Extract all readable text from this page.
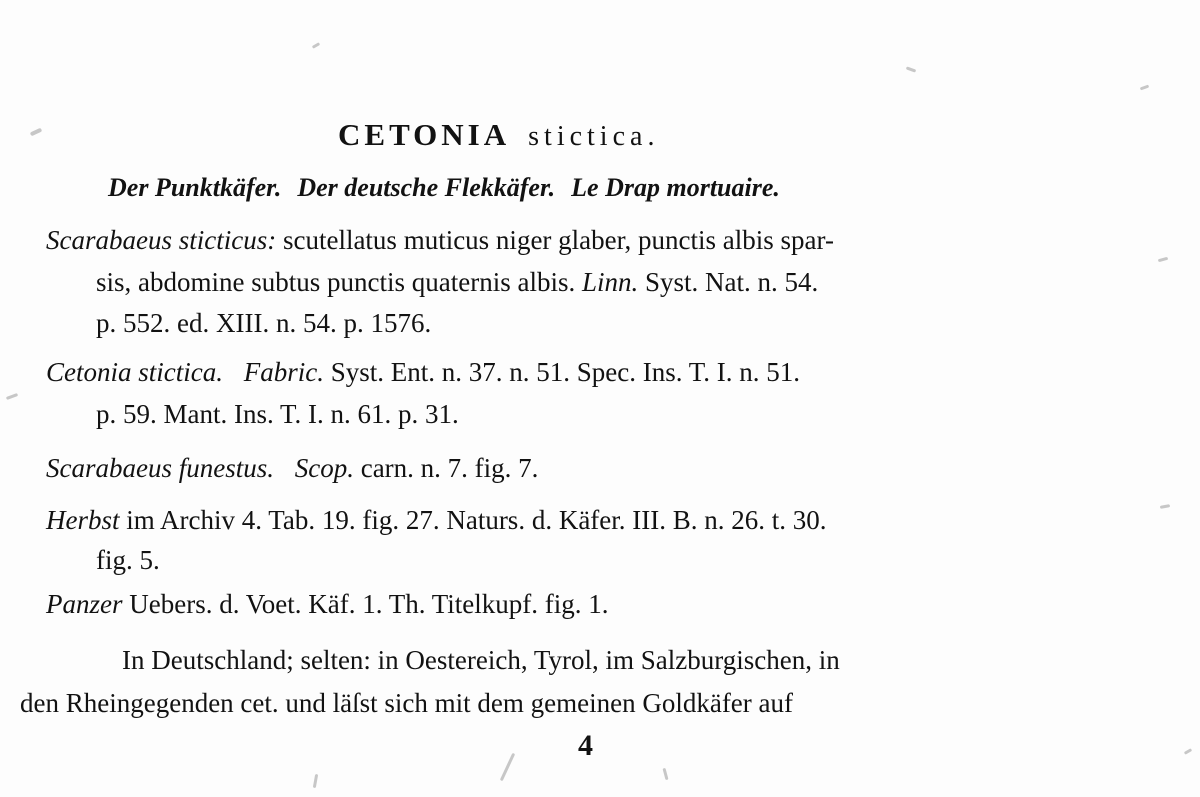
CETONIA stictica.
Der Punktkäfer. Der deutsche Flekkäfer. Le Drap mortuaire.
Scarabaeus sticticus: scutellatus muticus niger glaber, punctis albis spar-
sis, abdomine subtus punctis quaternis albis. Linn. Syst. Nat. n. 54.
p. 552. ed. XIII. n. 54. p. 1576.
Cetonia stictica. Fabric. Syst. Ent. n. 37. n. 51. Spec. Ins. T. I. n. 51.
p. 59. Mant. Ins. T. I. n. 61. p. 31.
Scarabaeus funestus. Scop. carn. n. 7. fig. 7.
Herbst im Archiv 4. Tab. 19. fig. 27. Naturs. d. Käfer. III. B. n. 26. t. 30.
fig. 5.
Panzer Uebers. d. Voet. Käf. 1. Th. Titelkupf. fig. 1.
In Deutschland; selten: in Oestereich, Tyrol, im Salzburgischen, in
den Rheingegenden cet. und läſst sich mit dem gemeinen Goldkäfer auf
4
